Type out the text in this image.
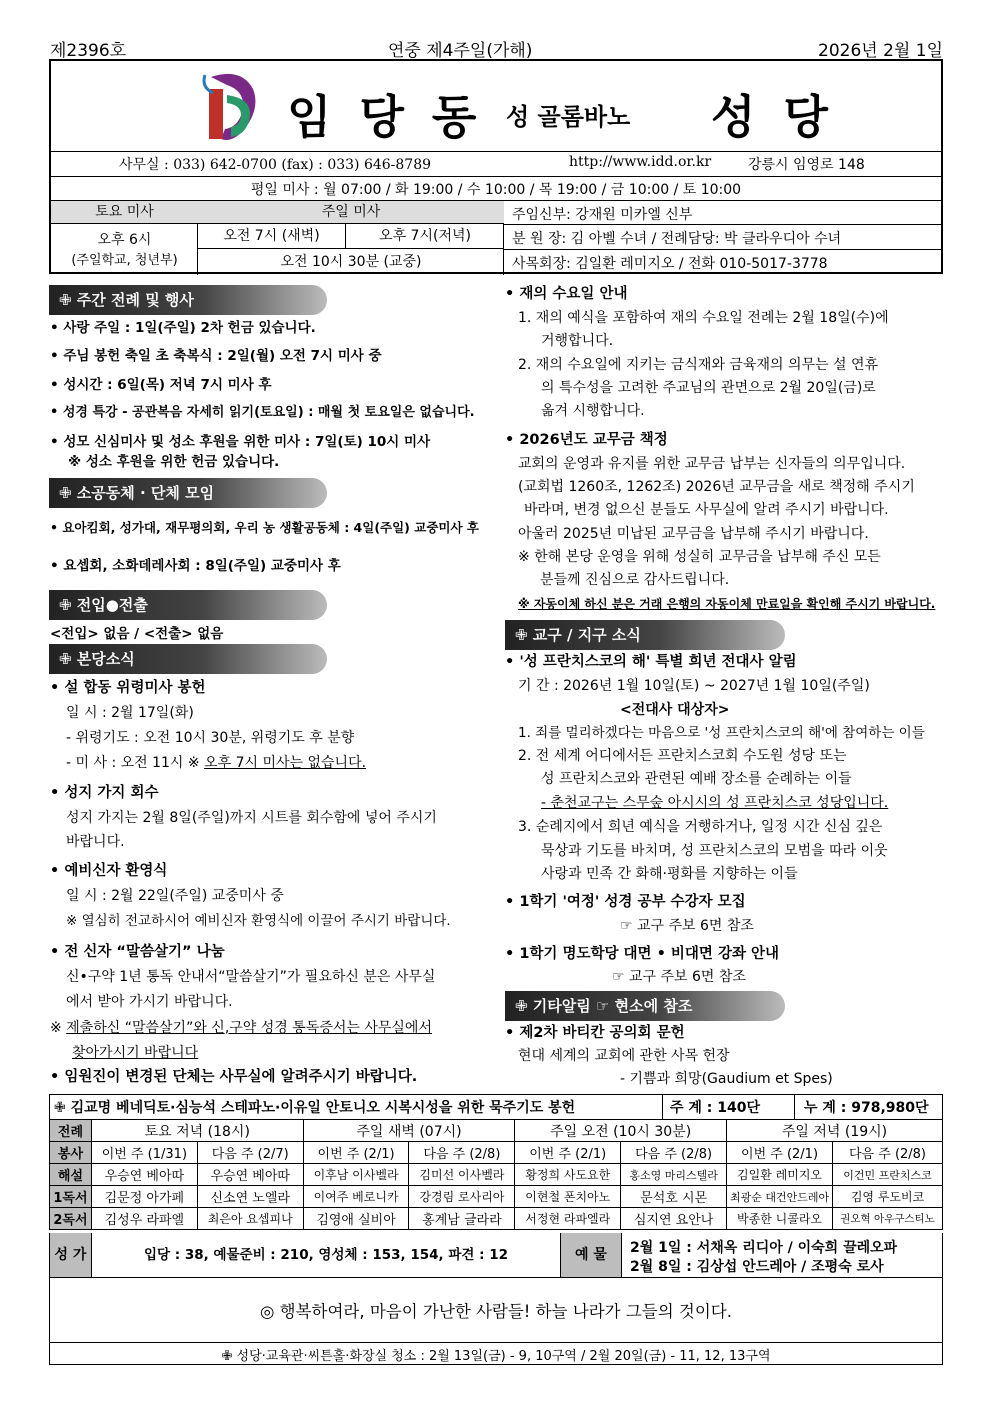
제2396호	연중 제4주일(가해)	2026년 2월 1일
임 당 동 성 골롬바노 성 당
사무실 : 033) 642-0700 (fax) : 033) 646-8789	http://www.idd.or.kr	강릉시 임영로 148
평일 미사 : 월 07:00 / 화 19:00 / 수 10:00 / 목 19:00 / 금 10:00 / 토 10:00
토요 미사
오후 6시
(주일학교, 청년부)
주일 미사
오전 7시 (새벽)	오후 7시(저녁)
오전 10시 30분 (교중)
주임신부: 강재원 미카엘 신부
분 원 장: 김 아벨 수녀 / 전례담당: 박 클라우디아 수녀
사목회장: 김일환 레미지오 / 전화 010-5017-3778
✙ 주간 전례 및 행사
• 사랑 주일 : 1일(주일) 2차 헌금 있습니다.
• 주님 봉헌 축일 초 축복식 : 2일(월) 오전 7시 미사 중
• 성시간 : 6일(목) 저녁 7시 미사 후
• 성경 특강 - 공관복음 자세히 읽기(토요일) : 매월 첫 토요일은 없습니다.
• 성모 신심미사 및 성소 후원을 위한 미사 : 7일(토) 10시 미사
※ 성소 후원을 위한 헌금 있습니다.
✙ 소공동체 · 단체 모임
• 요아킴회, 성가대, 재무평의회, 우리 농 생활공동체 : 4일(주일) 교중미사 후
• 요셉회, 소화데레사회 : 8일(주일) 교중미사 후
✙ 전입●전출
<전입> 없음 / <전출> 없음
✙ 본당소식
• 설 합동 위령미사 봉헌
일 시 : 2월 17일(화)
- 위령기도 : 오전 10시 30분, 위령기도 후 분향
- 미 사 : 오전 11시 ※ 오후 7시 미사는 없습니다.
• 성지 가지 회수
성지 가지는 2월 8일(주일)까지 시트를 회수함에 넣어 주시기
바랍니다.
• 예비신자 환영식
일 시 : 2월 22일(주일) 교중미사 중
※ 열심히 전교하시어 예비신자 환영식에 이끌어 주시기 바랍니다.
• 전 신자 “말씀살기” 나눔
신•구약 1년 통독 안내서“말씀살기”가 필요하신 분은 사무실
에서 받아 가시기 바랍니다.
※ 제출하신 “말씀살기”와 신,구약 성경 통독증서는 사무실에서
찾아가시기 바랍니다
• 임원진이 변경된 단체는 사무실에 알려주시기 바랍니다.
• 재의 수요일 안내
1. 재의 예식을 포함하여 재의 수요일 전례는 2월 18일(수)에
거행합니다.
2. 재의 수요일에 지키는 금식재와 금육재의 의무는 설 연휴
의 특수성을 고려한 주교님의 관면으로 2월 20일(금)로
옮겨 시행합니다.
• 2026년도 교무금 책정
교회의 운영과 유지를 위한 교무금 납부는 신자들의 의무입니다.
(교회법 1260조, 1262조) 2026년 교무금을 새로 책정해 주시기
바라며, 변경 없으신 분들도 사무실에 알려 주시기 바랍니다.
아울러 2025년 미납된 교무금을 납부해 주시기 바랍니다.
※ 한해 본당 운영을 위해 성실히 교무금을 납부해 주신 모든
분들께 진심으로 감사드립니다.
※ 자동이체 하신 분은 거래 은행의 자동이체 만료일을 확인해 주시기 바랍니다.
✙ 교구 / 지구 소식
• '성 프란치스코의 해' 특별 희년 전대사 알림
기 간 : 2026년 1월 10일(토) ~ 2027년 1월 10일(주일)
<전대사 대상자>
1. 죄를 멀리하겠다는 마음으로 '성 프란치스코의 해'에 참여하는 이들
2. 전 세계 어디에서든 프란치스코회 수도원 성당 또는
성 프란치스코와 관련된 예배 장소를 순례하는 이들
- 춘천교구는 스무숲 아시시의 성 프란치스코 성당입니다.
3. 순례지에서 희년 예식을 거행하거나, 일정 시간 신심 깊은
묵상과 기도를 바치며, 성 프란치스코의 모범을 따라 이웃
사랑과 민족 간 화해·평화를 지향하는 이들
• 1학기 '여정' 성경 공부 수강자 모집
☞ 교구 주보 6면 참조
• 1학기 명도학당 대면 • 비대면 강좌 안내
☞ 교구 주보 6면 참조
✙ 기타알림 ☞ 현소에 참조
• 제2차 바티칸 공의회 문헌
현대 세계의 교회에 관한 사목 헌장
- 기쁨과 희망(Gaudium et Spes)
✙ 김교명 베네딕토·심능석 스테파노·이유일 안토니오 시복시성을 위한 묵주기도 봉헌	주 계 : 140단	누 계 : 978,980단
전례	토요 저녁 (18시)		주일 새벽 (07시)		주일 오전 (10시 30분)		주일 저녁 (19시)	
봉사	이번 주 (1/31)	다음 주 (2/7)	이번 주 (2/1)	다음 주 (2/8)	이번 주 (2/1)	다음 주 (2/8)	이번 주 (2/1)	다음 주 (2/8)
해설	우승연 베아따	우승연 베아따	이후남 이사벨라	김미선 이사벨라	황정희 사도요한	홍소영 마리스텔라	김일환 레미지오	이건민 프란치스코
1독서	김문정 아가페	신소연 노엘라	이여주 베로니카	강경림 로사리아	이현철 폰치아노	문석호 시몬	최광순 대건안드레아	김영 루도비코
2독서	김성우 라파엘	최은아 요셉피나	김영애 실비아	홍계남 글라라	서정현 라파엘라	심지연 요안나	박종한 니콜라오	권오혁 아우구스티노
성 가	입당 : 38, 예물준비 : 210, 영성체 : 153, 154, 파견 : 12	예 물	2월 1일 : 서채옥 리디아 / 이숙희 끌레오파
2월 8일 : 김상섭 안드레아 / 조평숙 로사
◎ 행복하여라, 마음이 가난한 사람들! 하늘 나라가 그들의 것이다.
✙ 성당·교육관·씨튼홀·화장실 청소 : 2월 13일(금) - 9, 10구역 / 2월 20일(금) - 11, 12, 13구역
